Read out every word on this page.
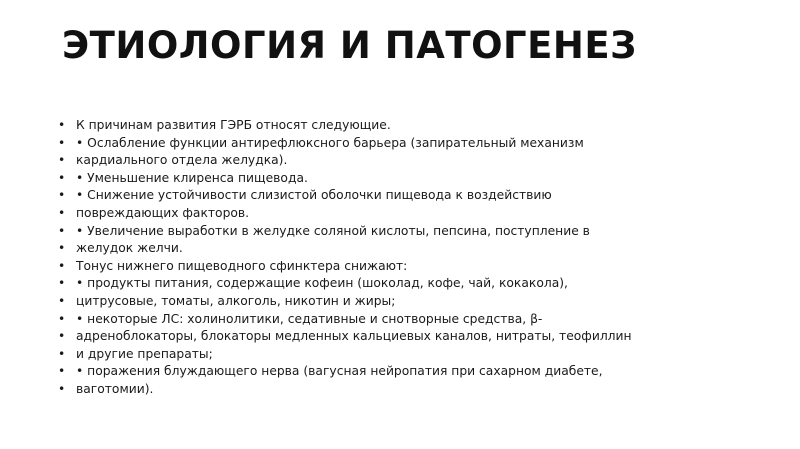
ЭТИОЛОГИЯ И ПАТОГЕНЕЗ
• К причинам развития ГЭРБ относят следующие.
• • Ослабление функции антирефлюксного барьера (запирательный механизм
• кардиального отдела желудка).
• • Уменьшение клиренса пищевода.
• • Снижение устойчивости слизистой оболочки пищевода к воздействию
• повреждающих факторов.
• • Увеличение выработки в желудке соляной кислоты, пепсина, поступление в
• желудок желчи.
• Тонус нижнего пищеводного сфинктера снижают:
• • продукты питания, содержащие кофеин (шоколад, кофе, чай, кокакола),
• цитрусовые, томаты, алкоголь, никотин и жиры;
• • некоторые ЛС: холинолитики, седативные и снотворные средства, β-
• адреноблокаторы, блокаторы медленных кальциевых каналов, нитраты, теофиллин
• и другие препараты;
• • поражения блуждающего нерва (вагусная нейропатия при сахарном диабете,
• ваготомии).
